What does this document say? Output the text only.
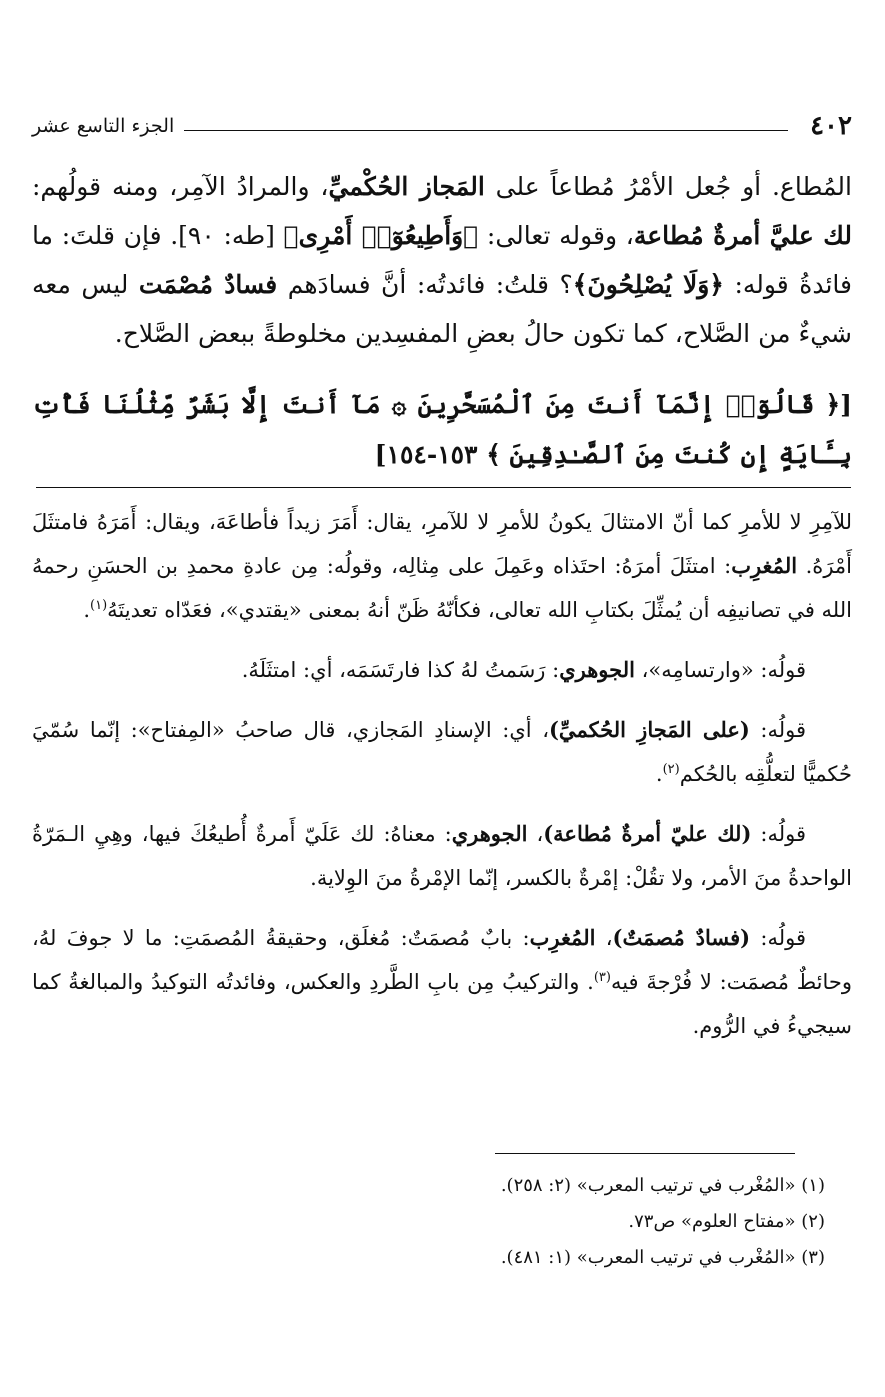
٤٠٢
الجزء التاسع عشر

المُطاع. أو جُعل الأمْرُ مُطاعاً على المَجاز الحُكْميِّ، والمرادُ الآمِر، ومنه قولُهم: لك عليَّ أمرةٌ مُطاعة، وقوله تعالى: ﴿وَأَطِيعُوٓا۟ أَمْرِى﴾ [طه: ٩٠]. فإن قلتَ: ما فائدةُ قوله: ﴿وَلَا يُصْلِحُونَ﴾؟ قلتُ: فائدتُه: أنَّ فسادَهم فسادٌ مُصْمَت ليس معه شيءٌ من الصَّلاح، كما تكون حالُ بعضِ المفسِدين مخلوطةً ببعض الصَّلاح.

[﴿ قَالُوٓا۟ إِنَّمَآ أَنتَ مِنَ ٱلْمُسَحَّرِينَ ۞ مَآ أَنتَ إِلَّا بَشَرٌ مِّثْلُنَا فَأْتِ بِـَٔايَةٍ إِن كُنتَ مِنَ ٱلصَّـٰدِقِينَ ﴾ ١٥٣-١٥٤]

للآمِرِ لا للأمرِ كما أنّ الامتثالَ يكونُ للأمرِ لا للآمرِ، يقال: أَمَرَ زيداً فأطاعَهَ، ويقال: أَمَرَهُ فامتثَلَ أَمْرَهُ. المُغرِب: امتثَلَ أمرَهُ: احتَذاه وعَمِلَ على مِثالِه، وقولُه: مِن عادةِ محمدِ بن الحسَنِ رحمهُ الله في تصانيفِه أن يُمثِّلَ بكتابِ الله تعالى، فكأنّهُ ظَنّ أنهُ بمعنى «يقتدي»، فعَدّاه تعديتَهُ$^{(١)}$.

قولُه: «وارتسامِه»، الجوهري: رَسَمتُ لهُ كذا فارتَسَمَه، أي: امتثَلَهُ.

قولُه: (على المَجازِ الحُكميِّ)، أي: الإسنادِ المَجازي، قال صاحبُ «المِفتاح»: إنّما سُمّيَ حُكميًّا لتعلُّقِه بالحُكم$^{(٢)}$.

قولُه: (لك عليّ أمرةٌ مُطاعة)، الجوهري: معناهُ: لك عَلَيّ أَمرةٌ أُطيعُكَ فيها، وهِيِ الـمَرّةُ الواحدةُ منَ الأمر، ولا تقُلْ: إمْرةٌ بالكسر، إنّما الإمْرةُ منَ الوِلاية.

قولُه: (فسادٌ مُصمَتٌ)، المُغرِب: بابٌ مُصمَتٌ: مُغلَق، وحقيقةُ المُصمَتِ: ما لا جوفَ لهُ، وحائطٌ مُصمَت: لا فُرْجةَ فيه$^{(٣)}$. والتركيبُ مِن بابِ الطَّردِ والعكس، وفائدتُه التوكيدُ والمبالغةُ كما سيجيءُ في الرُّوم.

(١) «المُغْرب في ترتيب المعرب» (٢: ٢٥٨).
(٢) «مفتاح العلوم» ص٧٣.
(٣) «المُغْرب في ترتيب المعرب» (١: ٤٨١).
